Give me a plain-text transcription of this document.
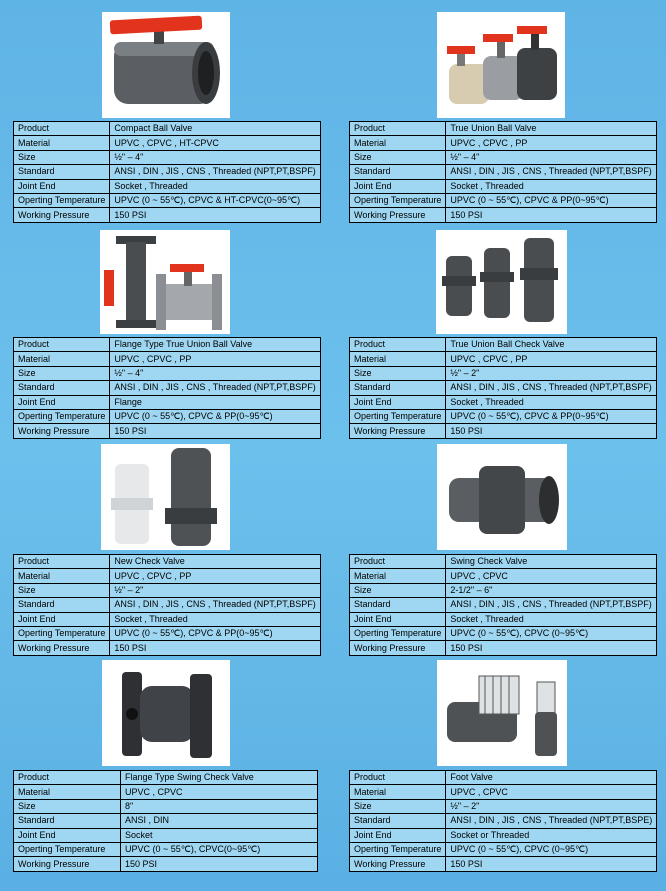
Product	Compact Ball Valve
Material	UPVC , CPVC , HT-CPVC
Size	½" – 4"
Standard	ANSI , DIN , JIS , CNS , Threaded (NPT,PT,BSPF)
Joint End	Socket , Threaded
Operting Temperature	UPVC (0 ~ 55℃), CPVC & HT-CPVC(0~95℃)
Working Pressure	150 PSI
Product	True Union Ball Valve
Material	UPVC , CPVC , PP
Size	½" – 4"
Standard	ANSI , DIN , JIS , CNS , Threaded (NPT,PT,BSPF)
Joint End	Socket , Threaded
Operting Temperature	UPVC (0 ~ 55℃), CPVC & PP(0~95℃)
Working Pressure	150 PSI
Product	Flange Type True Union Ball Valve
Material	UPVC , CPVC , PP
Size	½" – 4"
Standard	ANSI , DIN , JIS , CNS , Threaded (NPT,PT,BSPF)
Joint End	Flange
Operting Temperature	UPVC (0 ~ 55℃), CPVC & PP(0~95℃)
Working Pressure	150 PSI
Product	True Union Ball Check Valve
Material	UPVC , CPVC , PP
Size	½" – 2"
Standard	ANSI , DIN , JIS , CNS , Threaded (NPT,PT,BSPF)
Joint End	Socket , Threaded
Operting Temperature	UPVC (0 ~ 55℃), CPVC & PP(0~95℃)
Working Pressure	150 PSI
Product	New Check Valve
Material	UPVC , CPVC , PP
Size	½" – 2"
Standard	ANSI , DIN , JIS , CNS , Threaded (NPT,PT,BSPF)
Joint End	Socket , Threaded
Operting Temperature	UPVC (0 ~ 55℃), CPVC & PP(0~95℃)
Working Pressure	150 PSI
Product	Swing Check Valve
Material	UPVC , CPVC
Size	2-1/2" – 6"
Standard	ANSI , DIN , JIS , CNS , Threaded (NPT,PT,BSPF)
Joint End	Socket , Threaded
Operting Temperature	UPVC (0 ~ 55℃), CPVC (0~95℃)
Working Pressure	150 PSI
Product	Flange Type Swing Check Valve
Material	UPVC , CPVC
Size	8"
Standard	ANSI , DIN
Joint End	Socket
Operting Temperature	UPVC (0 ~ 55℃), CPVC(0~95℃)
Working Pressure	150 PSI
Product	Foot Valve
Material	UPVC , CPVC
Size	½" – 2"
Standard	ANSI , DIN , JIS , CNS , Threaded (NPT,PT,BSPE)
Joint End	Socket or Threaded
Operting Temperature	UPVC (0 ~ 55℃), CPVC (0~95℃)
Working Pressure	150 PSI
